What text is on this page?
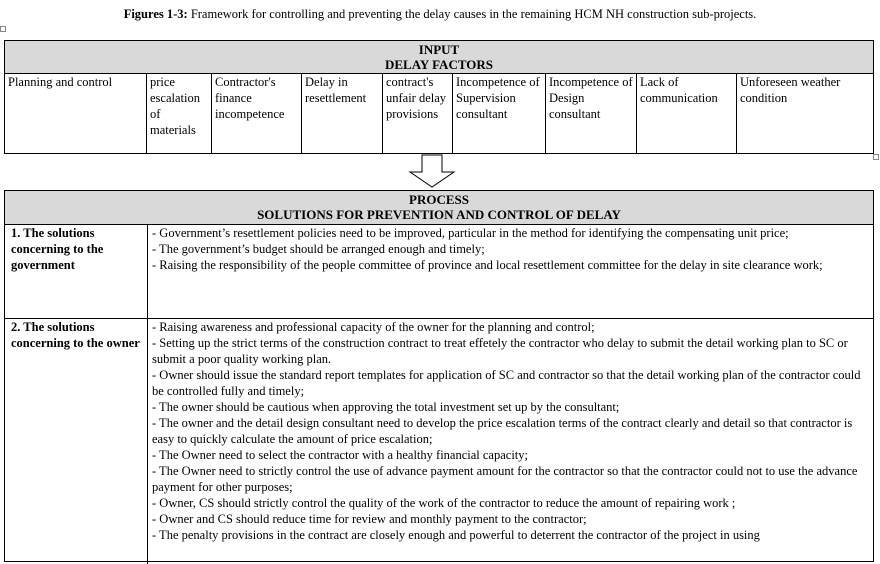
Figures 1-3: Framework for controlling and preventing the delay causes in the remaining HCM NH construction sub-projects.
INPUT
DELAY FACTORS
Planning and control	price escalation of materials
Contractor's finance incompetence
Delay in resettlement
contract's unfair delay provisions
Incompetence of Supervision consultant
Incompetence of Design consultant
Lack of communication
Unforeseen weather condition
PROCESS
SOLUTIONS FOR PREVENTION AND CONTROL OF DELAY
1. The solutions concerning to the government
- Government’s resettlement policies need to be improved, particular in the method for identifying the compensating unit price;
- The government’s budget should be arranged enough and timely;
- Raising the responsibility of the people committee of province and local resettlement committee for the delay in site clearance work;
2. The solutions concerning to the owner
- Raising awareness and professional capacity of the owner for the planning and control;
- Setting up the strict terms of the construction contract to treat effetely the contractor who delay to submit the detail working plan to SC or submit a poor quality working plan.
- Owner should issue the standard report templates for application of SC and contractor so that the detail working plan of the contractor could be controlled fully and timely;
- The owner should be cautious when approving the total investment set up by the consultant;
- The owner and the detail design consultant need to develop the price escalation terms of the contract clearly and detail so that contractor is easy to quickly calculate the amount of price escalation;
- The Owner need to select the contractor with a healthy financial capacity;
- The Owner need to strictly control the use of advance payment amount for the contractor so that the contractor could not to use the advance payment for other purposes;
- Owner, CS should strictly control the quality of the work of the contractor to reduce the amount of repairing work ;
- Owner and CS should reduce time for review and monthly payment to the contractor;
- The penalty provisions in the contract are closely enough and powerful to deterrent the contractor of the project in using
